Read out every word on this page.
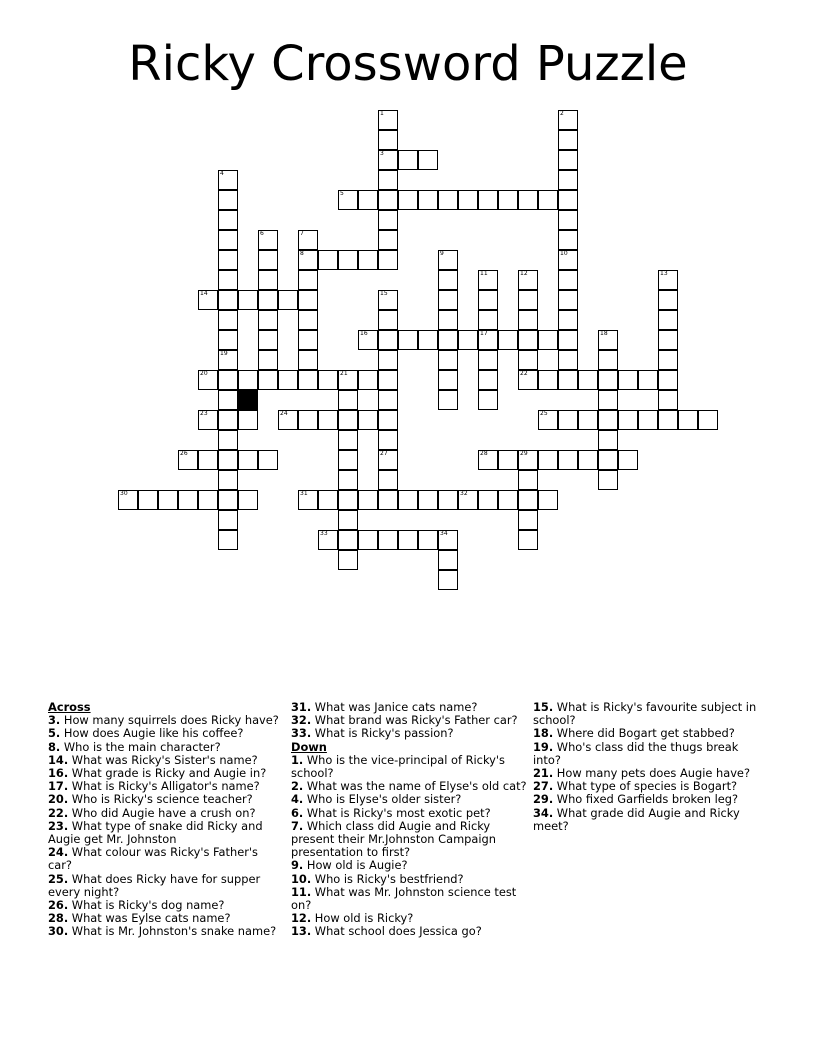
Ricky Crossword Puzzle
3
5
8
14
16	17
20	21	22
23	24	25
26	28	29
30	31	32
33	34
1	2
4
19
6	7
9	10
11	12	13
15
18
27
Across
3. How many squirrels does Ricky have?
5. How does Augie like his coffee?
8. Who is the main character?
14. What was Ricky's Sister's name?
16. What grade is Ricky and Augie in?
17. What is Ricky's Alligator's name?
20. Who is Ricky's science teacher?
22. Who did Augie have a crush on?
23. What type of snake did Ricky and Augie get Mr. Johnston
24. What colour was Ricky's Father's car?
25. What does Ricky have for supper every night?
26. What is Ricky's dog name?
28. What was Eylse cats name?
30. What is Mr. Johnston's snake name?
31. What was Janice cats name?
32. What brand was Ricky's Father car?
33. What is Ricky's passion?
Down
1. Who is the vice-principal of Ricky's school?
2. What was the name of Elyse's old cat?
4. Who is Elyse's older sister?
6. What is Ricky's most exotic pet?
7. Which class did Augie and Ricky present their Mr.Johnston Campaign presentation to first?
9. How old is Augie?
10. Who is Ricky's bestfriend?
11. What was Mr. Johnston science test on?
12. How old is Ricky?
13. What school does Jessica go?
15. What is Ricky's favourite subject in school?
18. Where did Bogart get stabbed?
19. Who's class did the thugs break into?
21. How many pets does Augie have?
27. What type of species is Bogart?
29. Who fixed Garfields broken leg?
34. What grade did Augie and Ricky meet?
